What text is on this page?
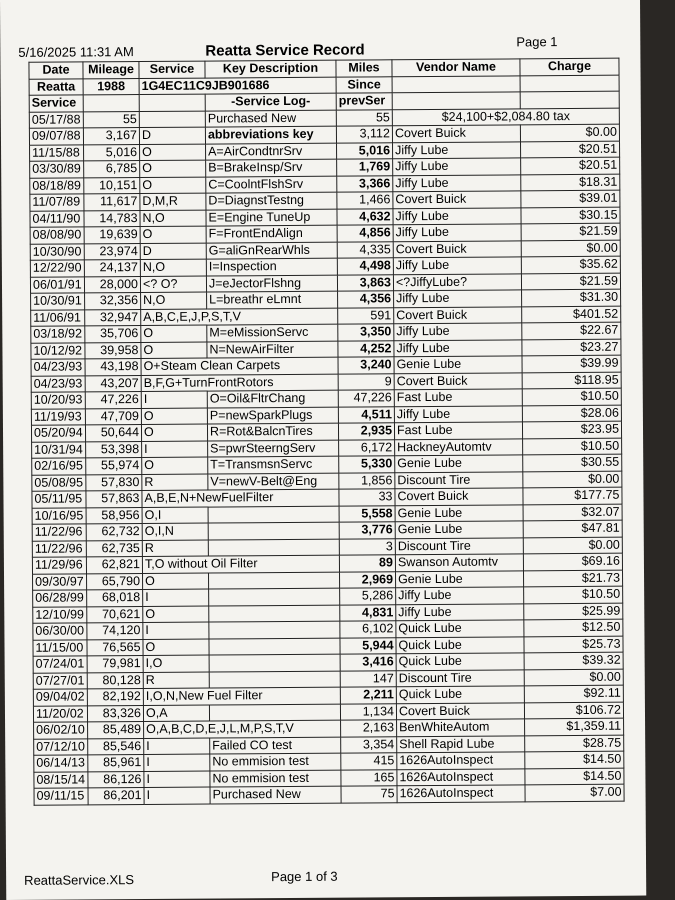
5/16/2025 11:31 AM	Reatta Service Record	Page 1
Date	Mileage	Service	Key Description	Miles	Vendor Name	Charge
Reatta	1988	1G4EC11C9JB901686		Since		
Service			-Service Log-	prevSer		
05/17/88	55		Purchased New	55	$24,100+$2,084.80 tax	
09/07/88	3,167	D	abbreviations key	3,112	Covert Buick	$0.00
11/15/88	5,016	O	A=AirCondtnrSrv	5,016	Jiffy Lube	$20.51
03/30/89	6,785	O	B=BrakeInsp/Srv	1,769	Jiffy Lube	$20.51
08/18/89	10,151	O	C=CoolntFlshSrv	3,366	Jiffy Lube	$18.31
11/07/89	11,617	D,M,R	D=DiagnstTestng	1,466	Covert Buick	$39.01
04/11/90	14,783	N,O	E=Engine TuneUp	4,632	Jiffy Lube	$30.15
08/08/90	19,639	O	F=FrontEndAlign	4,856	Jiffy Lube	$21.59
10/30/90	23,974	D	G=aliGnRearWhls	4,335	Covert Buick	$0.00
12/22/90	24,137	N,O	I=Inspection	4,498	Jiffy Lube	$35.62
06/01/91	28,000	<? O?	J=eJectorFlshng	3,863	<?JiffyLube?	$21.59
10/30/91	32,356	N,O	L=breathr eLmnt	4,356	Jiffy Lube	$31.30
11/06/91	32,947	A,B,C,E,J,P,S,T,V		591	Covert Buick	$401.52
03/18/92	35,706	O	M=eMissionServc	3,350	Jiffy Lube	$22.67
10/12/92	39,958	O	N=NewAirFilter	4,252	Jiffy Lube	$23.27
04/23/93	43,198	O+Steam Clean Carpets		3,240	Genie Lube	$39.99
04/23/93	43,207	B,F,G+TurnFrontRotors		9	Covert Buick	$118.95
10/20/93	47,226	I	O=Oil&FltrChang	47,226	Fast Lube	$10.50
11/19/93	47,709	O	P=newSparkPlugs	4,511	Jiffy Lube	$28.06
05/20/94	50,644	O	R=Rot&BalcnTires	2,935	Fast Lube	$23.95
10/31/94	53,398	I	S=pwrSteerngServ	6,172	HackneyAutomtv	$10.50
02/16/95	55,974	O	T=TransmsnServc	5,330	Genie Lube	$30.55
05/08/95	57,830	R	V=newV-Belt@Eng	1,856	Discount Tire	$0.00
05/11/95	57,863	A,B,E,N+NewFuelFilter		33	Covert Buick	$177.75
10/16/95	58,956	O,I		5,558	Genie Lube	$32.07
11/22/96	62,732	O,I,N		3,776	Genie Lube	$47.81
11/22/96	62,735	R		3	Discount Tire	$0.00
11/29/96	62,821	T,O without Oil Filter		89	Swanson Automtv	$69.16
09/30/97	65,790	O		2,969	Genie Lube	$21.73
06/28/99	68,018	I		5,286	Jiffy Lube	$10.50
12/10/99	70,621	O		4,831	Jiffy Lube	$25.99
06/30/00	74,120	I		6,102	Quick Lube	$12.50
11/15/00	76,565	O		5,944	Quick Lube	$25.73
07/24/01	79,981	I,O		3,416	Quick Lube	$39.32
07/27/01	80,128	R		147	Discount Tire	$0.00
09/04/02	82,192	I,O,N,New Fuel Filter		2,211	Quick Lube	$92.11
11/20/02	83,326	O,A		1,134	Covert Buick	$106.72
06/02/10	85,489	O,A,B,C,D,E,J,L,M,P,S,T,V		2,163	BenWhiteAutom	$1,359.11
07/12/10	85,546	I	Failed CO test	3,354	Shell Rapid Lube	$28.75
06/14/13	85,961	I	No emmision test	415	1626AutoInspect	$14.50
08/15/14	86,126	I	No emmision test	165	1626AutoInspect	$14.50
09/11/15	86,201	I	Purchased New	75	1626AutoInspect	$7.00
ReattaService.XLS	Page 1 of 3
